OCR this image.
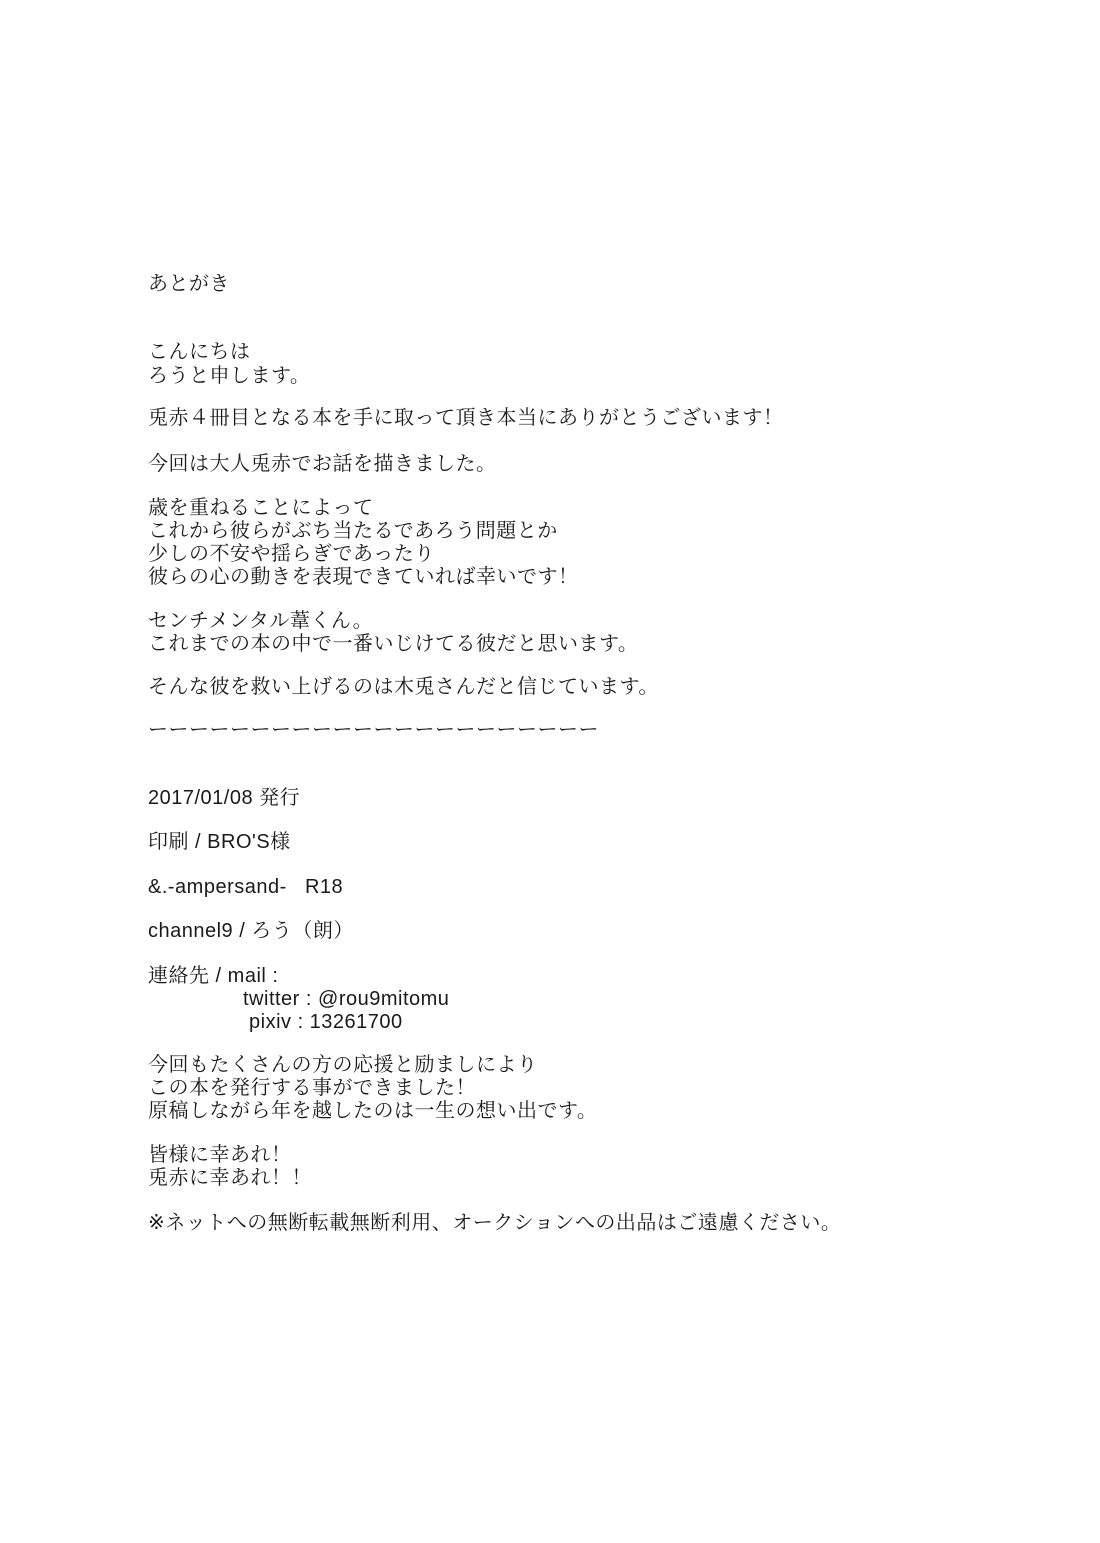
あとがき
こんにちは
ろうと申します。
兎赤４冊目となる本を手に取って頂き本当にありがとうございます！
今回は大人兎赤でお話を描きました。
歳を重ねることによって
これから彼らがぶち当たるであろう問題とか
少しの不安や揺らぎであったり
彼らの心の動きを表現できていれば幸いです！
センチメンタル葦くん。
これまでの本の中で一番いじけてる彼だと思います。
そんな彼を救い上げるのは木兎さんだと信じています。
ーーーーーーーーーーーーーーーーーーーーーー
2017/01/08 発行
印刷 / BRO'S様
&.-ampersand-   R18
channel9 / ろう（朗）
連絡先 / mail :
twitter : @rou9mitomu
pixiv : 13261700
今回もたくさんの方の応援と励ましにより
この本を発行する事ができました！
原稿しながら年を越したのは一生の想い出です。
皆様に幸あれ！
兎赤に幸あれ！！
※ネットへの無断転載無断利用、オークションへの出品はご遠慮ください。
